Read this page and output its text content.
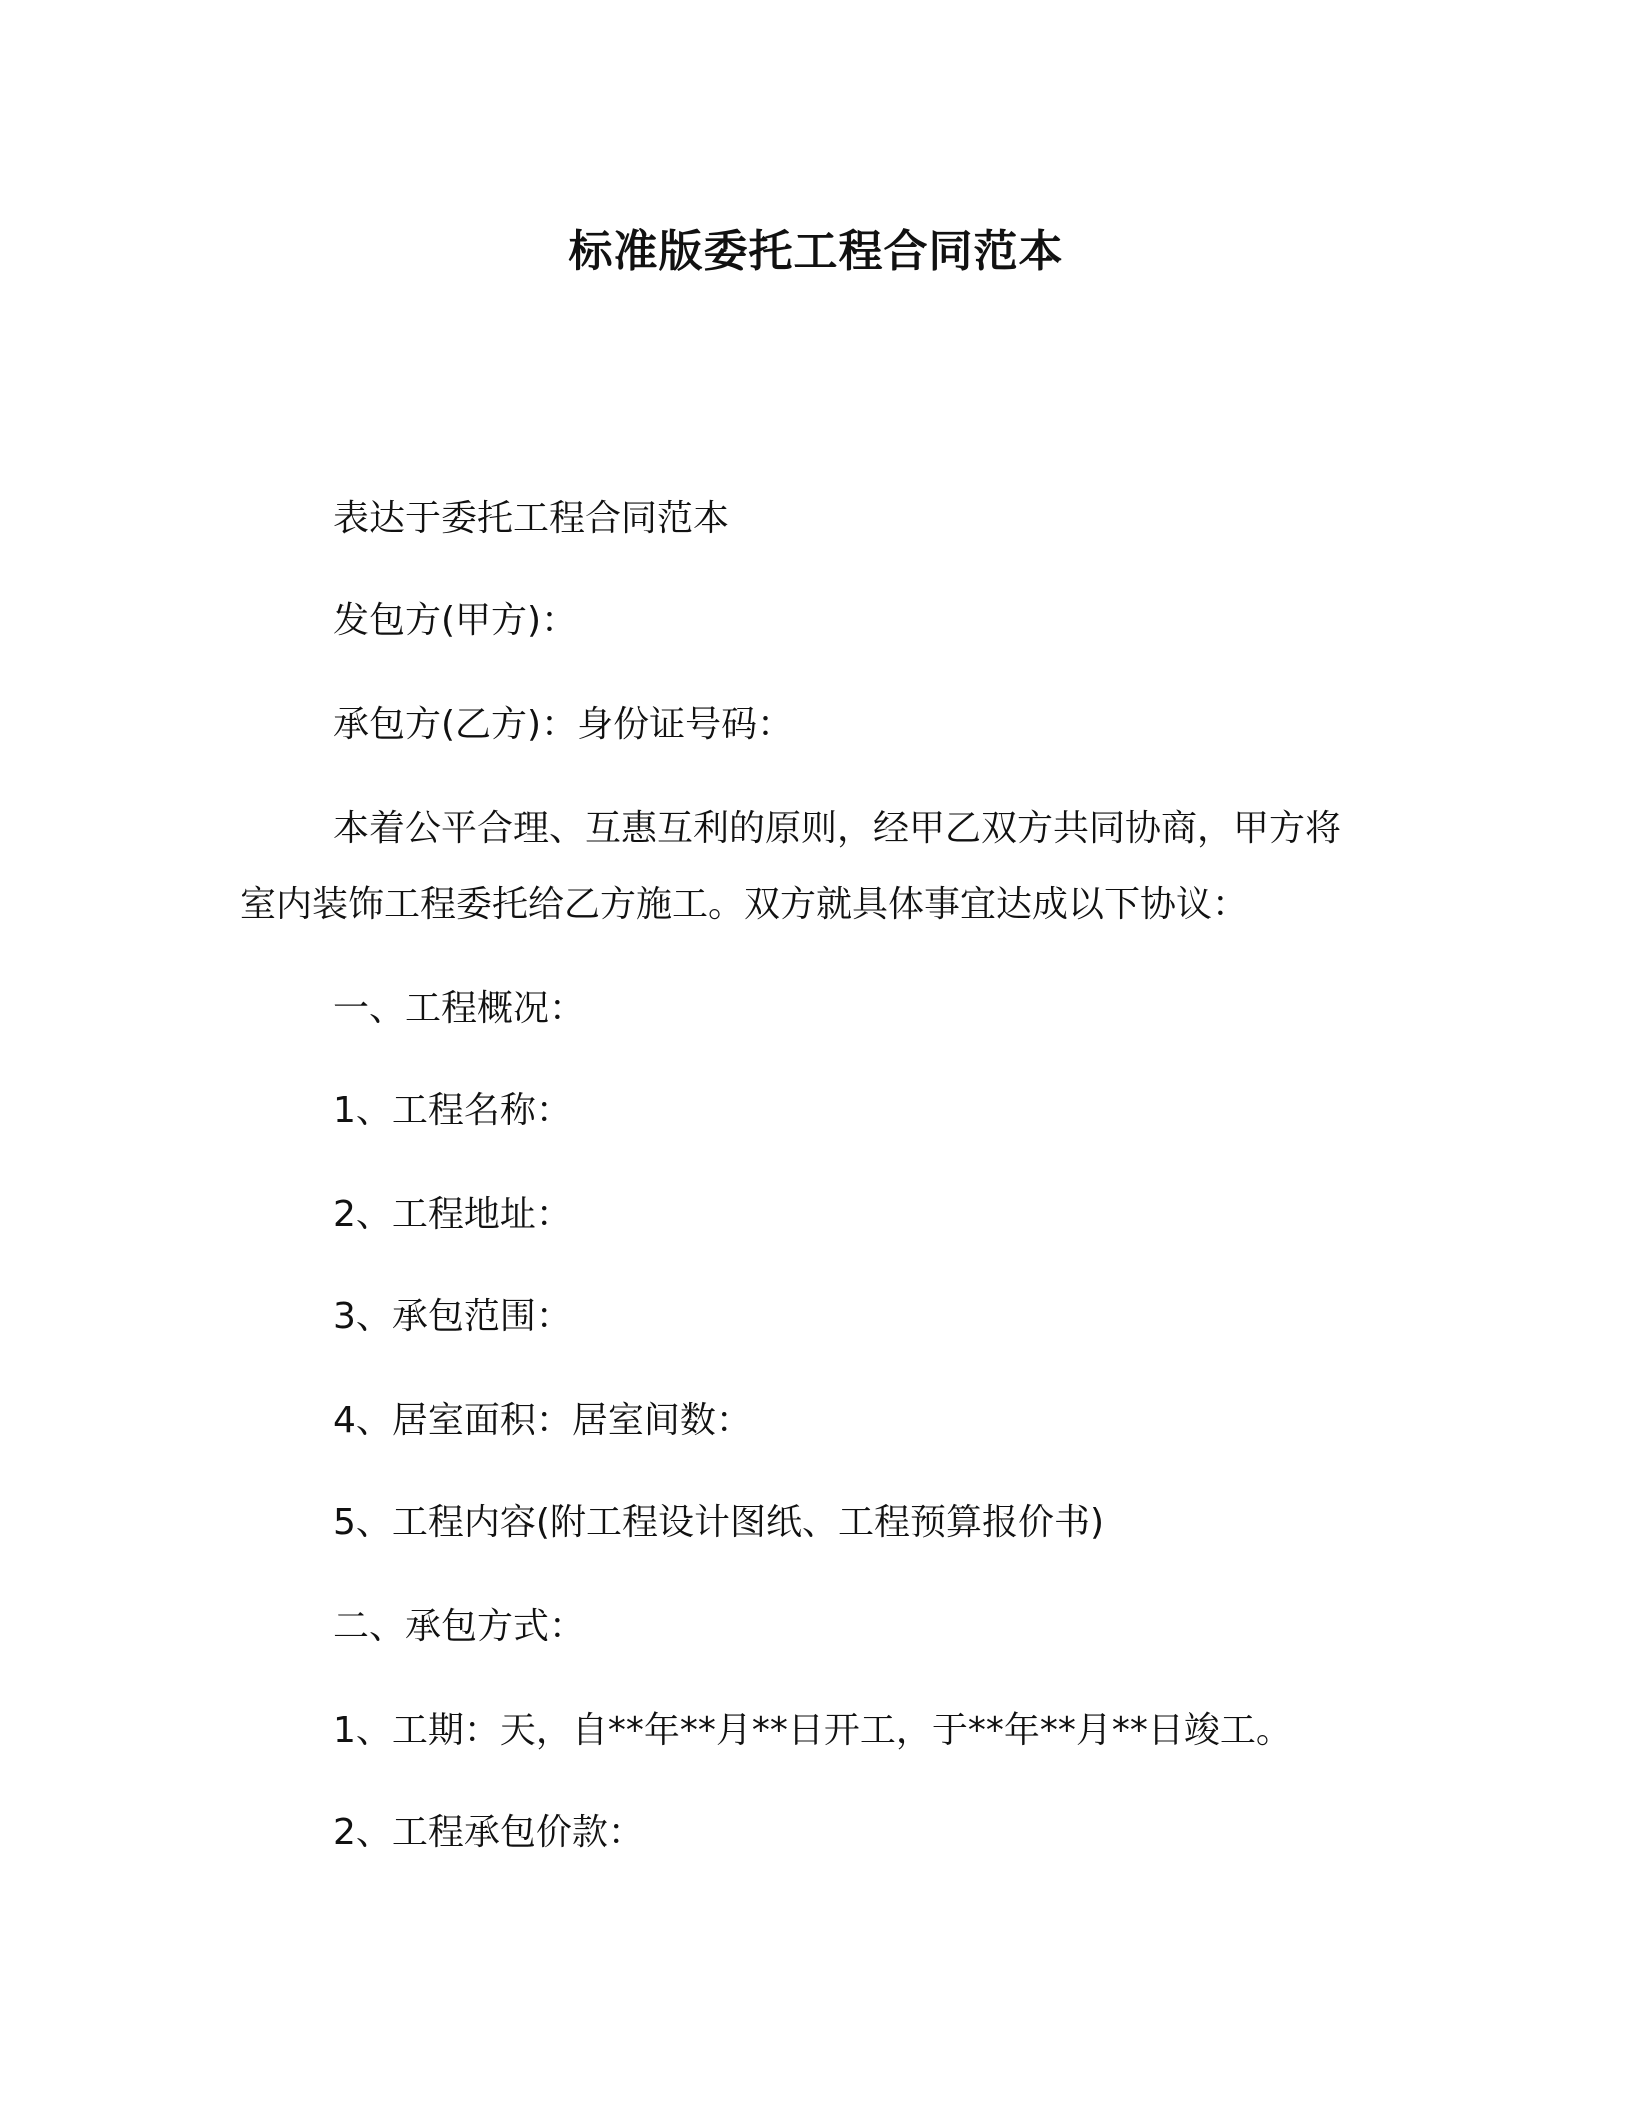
标准版委托工程合同范本
表达于委托工程合同范本
发包方(甲方)：
承包方(乙方)：身份证号码：
本着公平合理、互惠互利的原则，经甲乙双方共同协商，甲方将
室内装饰工程委托给乙方施工。双方就具体事宜达成以下协议：
一、工程概况：
1、工程名称：
2、工程地址：
3、承包范围：
4、居室面积：居室间数：
5、工程内容(附工程设计图纸、工程预算报价书)
二、承包方式：
1、工期：天，自**年**月**日开工，于**年**月**日竣工。
2、工程承包价款：
